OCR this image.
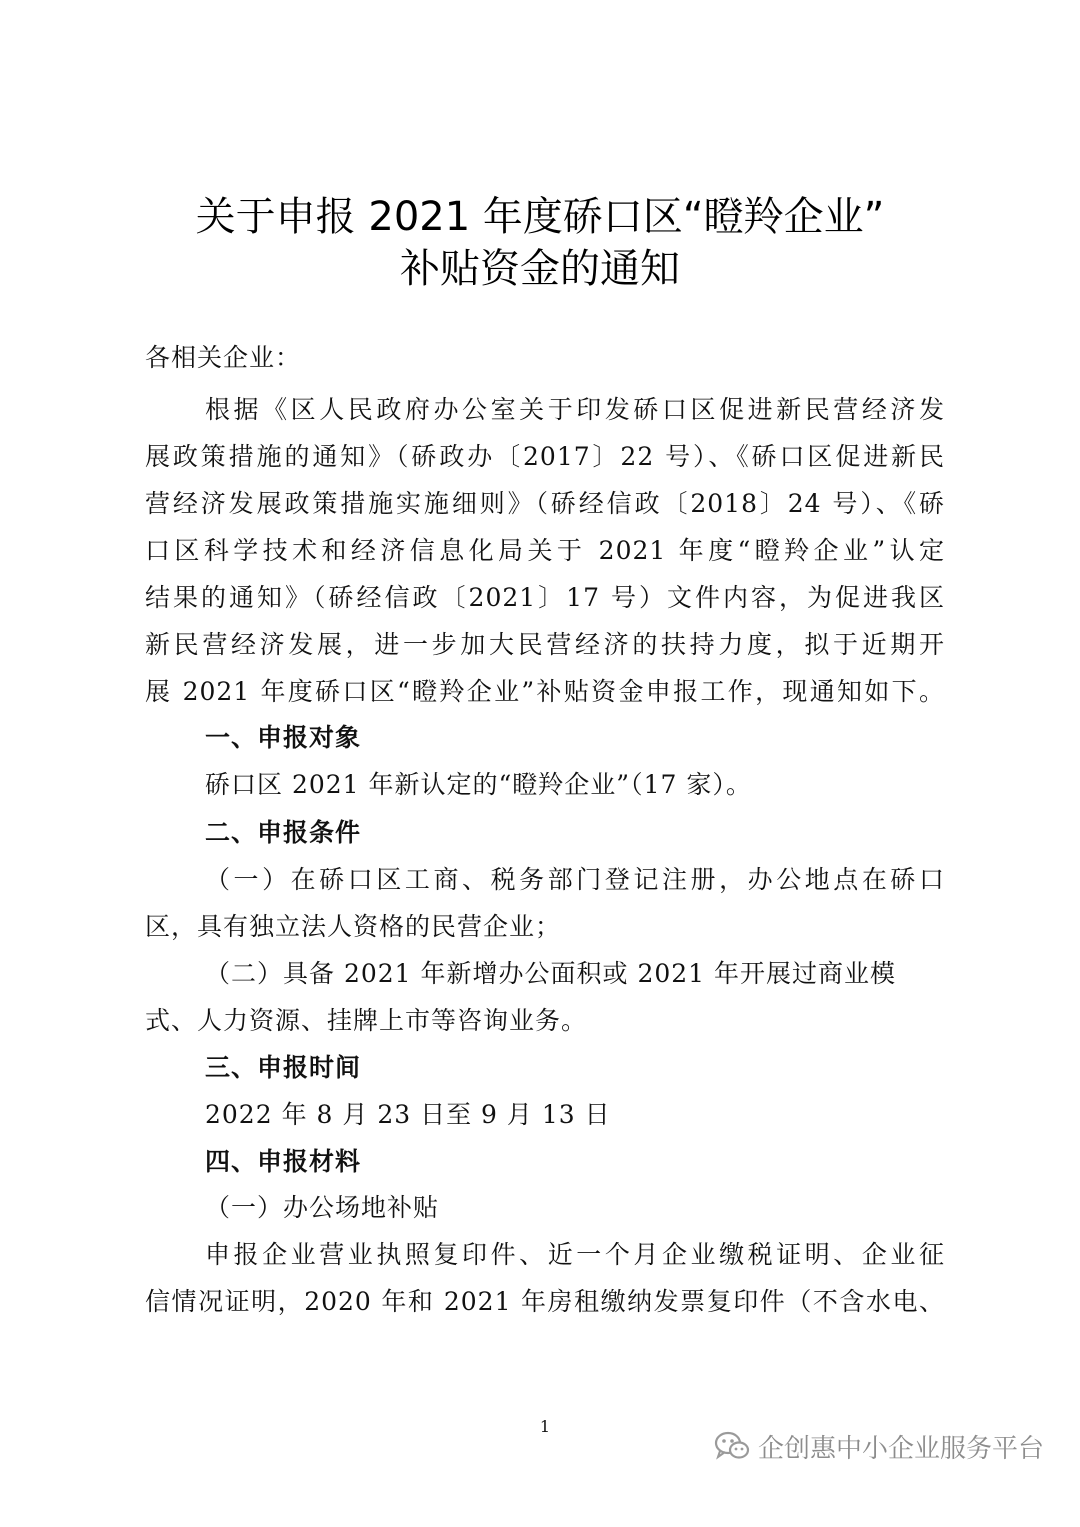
关于申报 2021 年度硚口区“瞪羚企业”
补贴资金的通知
各相关企业：
根据《区人民政府办公室关于印发硚口区促进新民营经济发
展政策措施的通知》（硚政办〔2017〕22 号）、《硚口区促进新民
营经济发展政策措施实施细则》（硚经信政〔2018〕24 号）、《硚
口区科学技术和经济信息化局关于 2021 年度“瞪羚企业”认定
结果的通知》（硚经信政〔2021〕17 号）文件内容，为促进我区
新民营经济发展，进一步加大民营经济的扶持力度，拟于近期开
展 2021 年度硚口区“瞪羚企业”补贴资金申报工作，现通知如下。
一、申报对象
硚口区 2021 年新认定的“瞪羚企业”（17 家）。
二、申报条件
（一）在硚口区工商、税务部门登记注册，办公地点在硚口
区，具有独立法人资格的民营企业；
（二）具备 2021 年新增办公面积或 2021 年开展过商业模
式、人力资源、挂牌上市等咨询业务。
三、申报时间
2022 年 8 月 23 日至 9 月 13 日
四、申报材料
（一）办公场地补贴
申报企业营业执照复印件、近一个月企业缴税证明、企业征
信情况证明，2020 年和 2021 年房租缴纳发票复印件（不含水电、
1
企创惠中小企业服务平台
